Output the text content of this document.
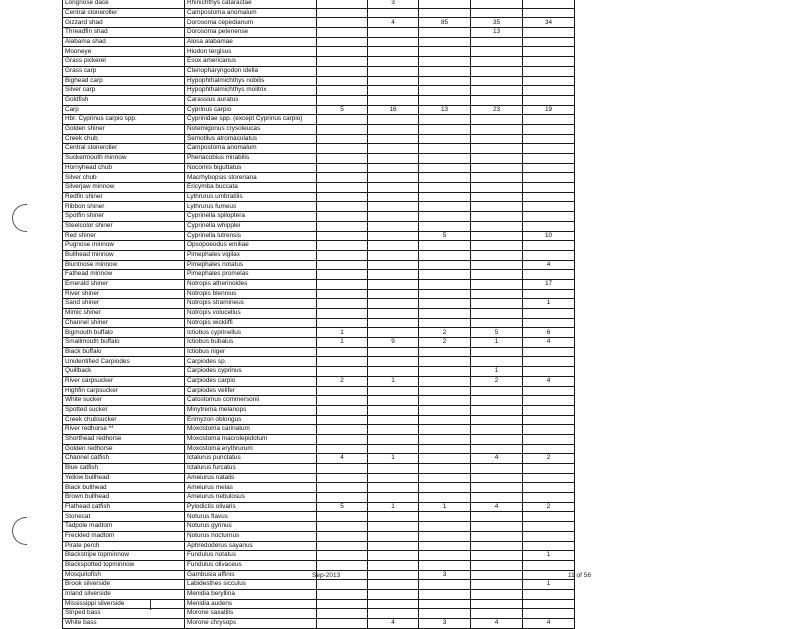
Longnose dace	Rhinichthys cataractae		3			
Central stoneroller	Campostoma anomalum					
Gizzard shad	Dorosoma cepedianum		4	85	35	34
Threadfin shad	Dorosoma petenense				13	
Alabama shad	Alosa alabamae					
Mooneye	Hiodon tergisus					
Grass pickerel	Esox americanus					
Grass carp	Ctenopharyngodon idella					
Bighead carp	Hypophthalmichthys nobilis					
Silver carp	Hypophthalmichthys molitrix					
Goldfish	Carassius auratus					
Carp	Cyprinus carpio	5	16	13	23	19
Hbr. Cyprinus carpio spp.	Cyprinidae spp. (except Cyprinus carpio)					
Golden shiner	Notemigonus crysoleucas					
Creek chub	Semotilus atromaculatus					
Central stoneroller	Campostoma anomalum					
Suckermouth minnow	Phenacobius mirabilis					
Hornyhead chub	Nocomis biguttatus					
Silver chub	Macrhybopsis storeriana					
Silverjaw minnow	Ericymba buccata					
Redfin shiner	Lythrurus umbratilis					
Ribbon shiner	Lythrurus fumeus					
Spotfin shiner	Cyprinella spiloptera					
Steelcolor shiner	Cyprinella whipplei					
Red shiner	Cyprinella lutrensis			5		10
Pugnose minnow	Opsopoeodus emiliae					
Bullhead minnow	Pimephales vigilax					
Bluntnose minnow	Pimephales notatus					4
Fathead minnow	Pimephales promelas					
Emerald shiner	Notropis atherinoides					17
River shiner	Notropis blennius					
Sand shiner	Notropis stramineus					1
Mimic shiner	Notropis volucellus					
Channel shiner	Notropis wickliffi					
Bigmouth buffalo	Ictiobus cyprinellus	1		2	5	6
Smallmouth buffalo	Ictiobus bubalus	1	9	2	1	4
Black buffalo	Ictiobus niger					
Unidentified Carpiodes	Carpiodes sp.					
Quillback	Carpiodes cyprinus				1	
River carpsucker	Carpiodes carpio	2	1		2	4
Highfin carpsucker	Carpiodes velifer					
White sucker	Catostomus commersonii					
Spotted sucker	Minytrema melanops					
Creek chubsucker	Erimyzon oblongus					
River redhorse **	Moxostoma carinatum					
Shorthead redhorse	Moxostoma macrolepidotum					
Golden redhorse	Moxostoma erythrurum					
Channel catfish	Ictalurus punctatus	4	1		4	2
Blue catfish	Ictalurus furcatus					
Yellow bullhead	Ameiurus natalis					
Black bullhead	Ameiurus melas					
Brown bullhead	Ameiurus nebulosus					
Flathead catfish	Pylodictis olivaris	5	1	1	4	2
Stonecat	Noturus flavus					
Tadpole madtom	Noturus gyrinus					
Freckled madtom	Noturus nocturnus					
Pirate perch	Aphredoderus sayanus					
Blackstripe topminnow	Fundulus notatus					1
Blackspotted topminnow	Fundulus olivaceus					
Mosquitofish	Gambusia affinis			3		
Brook silverside	Labidesthes sicculus					1
Inland silverside	Menidia beryllina					
Mississippi silverside	Menidia audens					
Striped bass	Morone saxatilis					
White bass	Morone chrysops		4	3	4	4
Sep-2013	11 of 56
